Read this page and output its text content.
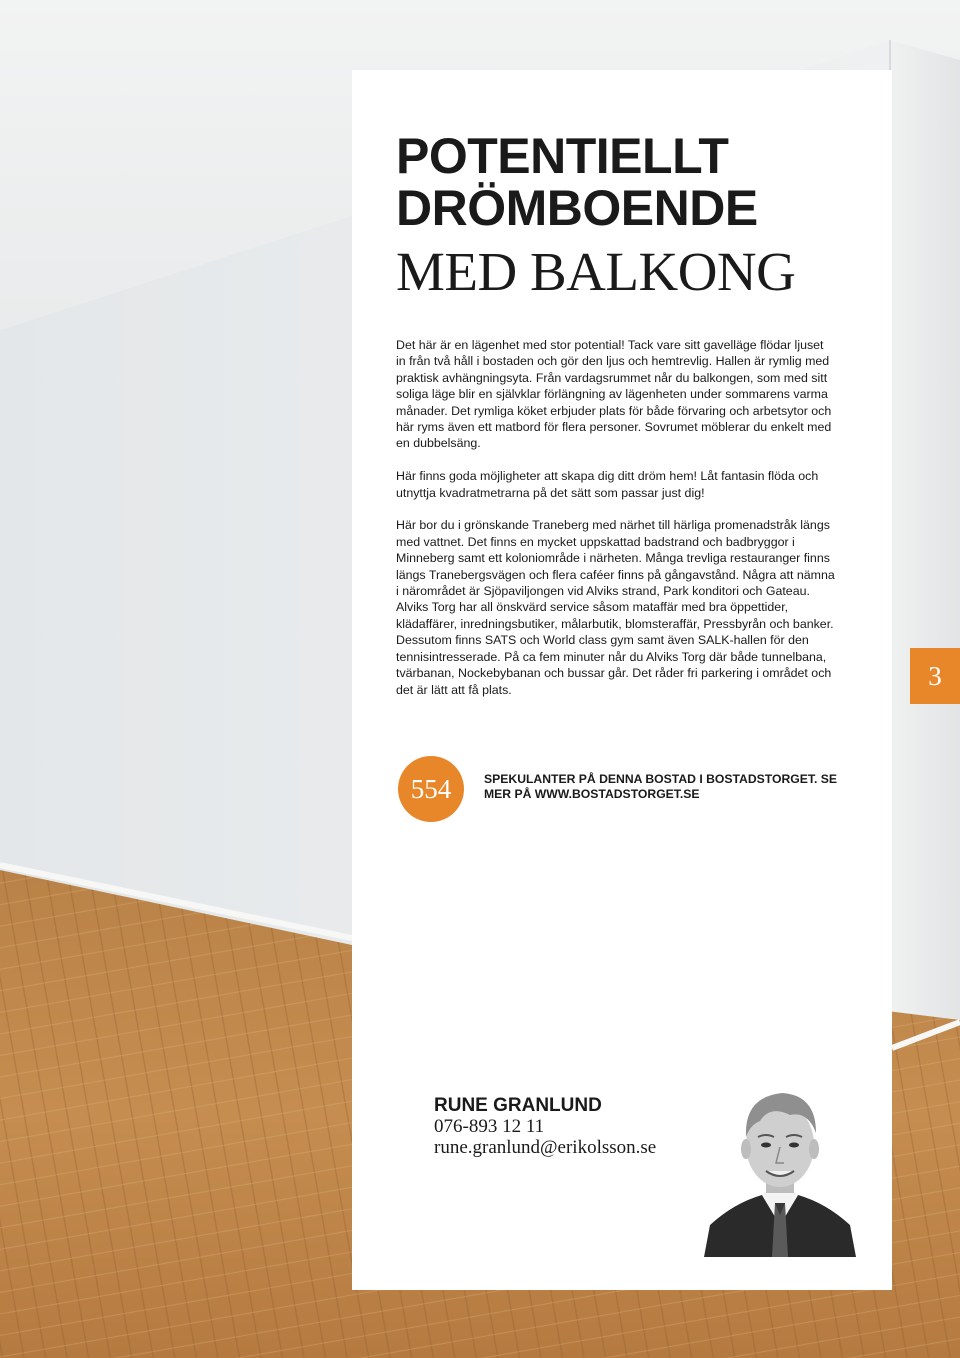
POTENTIELLT
DRÖMBOENDE
MED BALKONG

Det här är en lägenhet med stor potential! Tack vare sitt gavelläge flödar ljuset in från två håll i bostaden och gör den ljus och hemtrevlig. Hallen är rymlig med praktisk avhängningsyta. Från vardagsrummet når du balkongen, som med sitt soliga läge blir en självklar förlängning av lägenheten under sommarens varma månader. Det rymliga köket erbjuder plats för både förvaring och arbetsytor och här ryms även ett matbord för flera personer. Sovrumet möblerar du enkelt med en dubbelsäng.

Här finns goda möjligheter att skapa dig ditt dröm hem! Låt fantasin flöda och utnyttja kvadratmetrarna på det sätt som passar just dig!

Här bor du i grönskande Traneberg med närhet till härliga promenadstråk längs med vattnet. Det finns en mycket uppskattad badstrand och badbryggor i Minneberg samt ett koloniområde i närheten. Många trevliga restauranger finns längs Tranebergsvägen och flera caféer finns på gångavstånd. Några att nämna i närområdet är Sjöpaviljongen vid Alviks strand, Park konditori och Gateau. Alviks Torg har all önskvärd service såsom mataffär med bra öppettider, klädaffärer, inredningsbutiker, målarbutik, blomsteraffär, Pressbyrån och banker. Dessutom finns SATS och World class gym samt även SALK-hallen för den tennisintresserade. På ca fem minuter når du Alviks Torg där både tunnelbana, tvärbanan, Nockebybanan och bussar går. Det råder fri parkering i området och det är lätt att få plats.

554	SPEKULANTER PÅ DENNA BOSTAD I BOSTADSTORGET. SE MER PÅ WWW.BOSTADSTORGET.SE
RUNE GRANLUND
076-893 12 11
rune.granlund@erikolsson.se
3
